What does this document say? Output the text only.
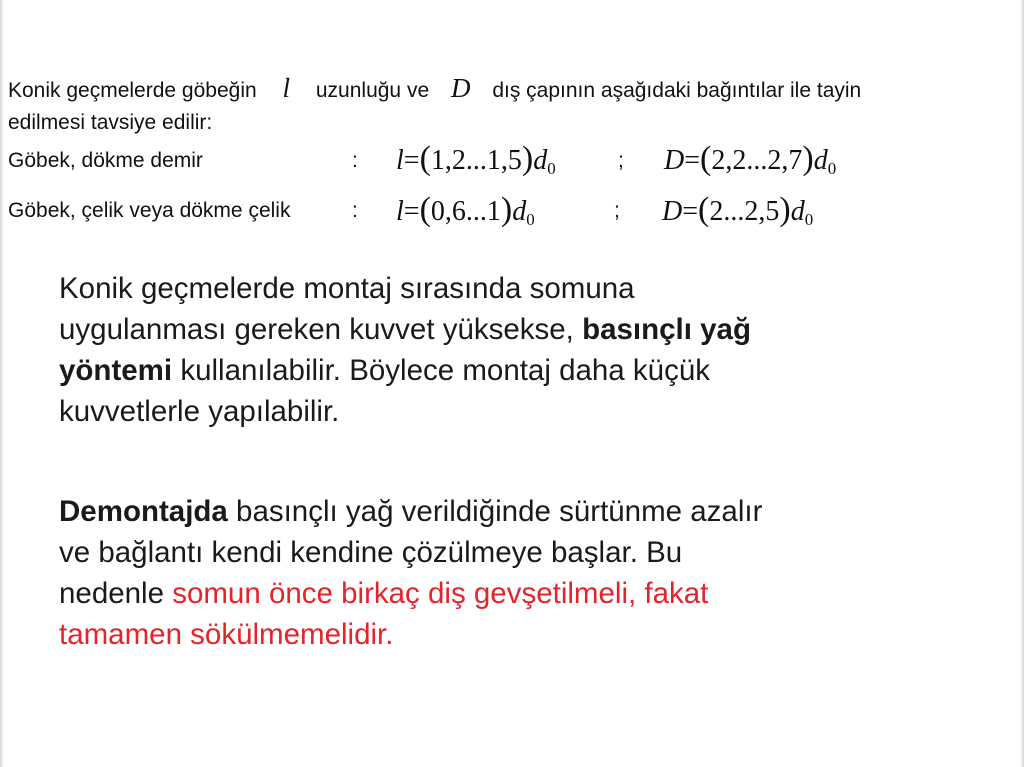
Konik geçmelerde göbeğin l uzunluğu ve D dış çapının aşağıdaki bağıntılar ile tayin
edilmesi tavsiye edilir:
Göbek, dökme demir	: $l=(1,2...1,5)d_0$	; $D=(2,2...2,7)d_0$
Göbek, çelik veya dökme çelik	: $l=(0,6...1)d_0$	; $D=(2...2,5)d_0$
Konik geçmelerde montaj sırasında somuna
uygulanması gereken kuvvet yüksekse, basınçlı yağ
yöntemi kullanılabilir. Böylece montaj daha küçük
kuvvetlerle yapılabilir.
Demontajda basınçlı yağ verildiğinde sürtünme azalır
ve bağlantı kendi kendine çözülmeye başlar. Bu
nedenle somun önce birkaç diş gevşetilmeli, fakat
tamamen sökülmemelidir.
